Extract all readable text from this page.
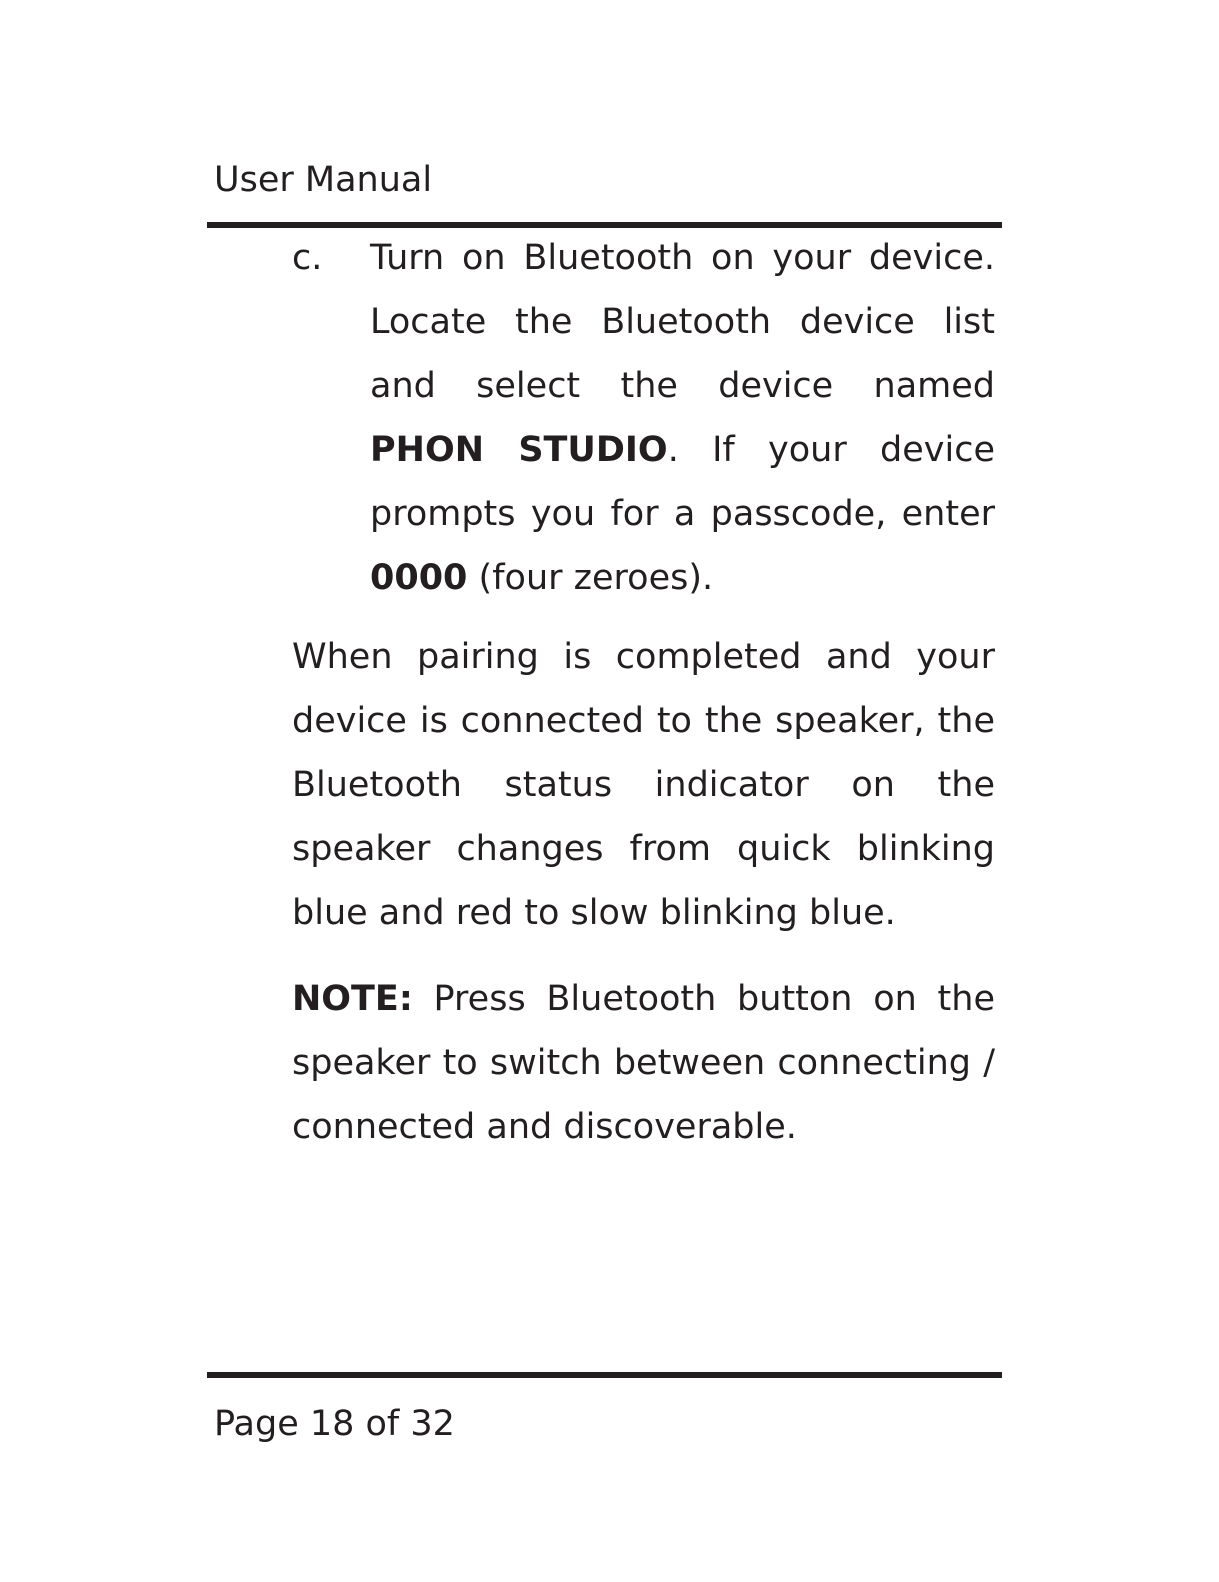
User Manual
c. Turn on Bluetooth on your device. Locate the Bluetooth device list and select the device named PHON STUDIO. If your device prompts you for a passcode, enter 0000 (four zeroes).
When pairing is completed and your device is connected to the speaker, the Bluetooth status indicator on the speaker changes from quick blinking blue and red to slow blinking blue.
NOTE: Press Bluetooth button on the speaker to switch between connecting / connected and discoverable.
Page 18 of 32
